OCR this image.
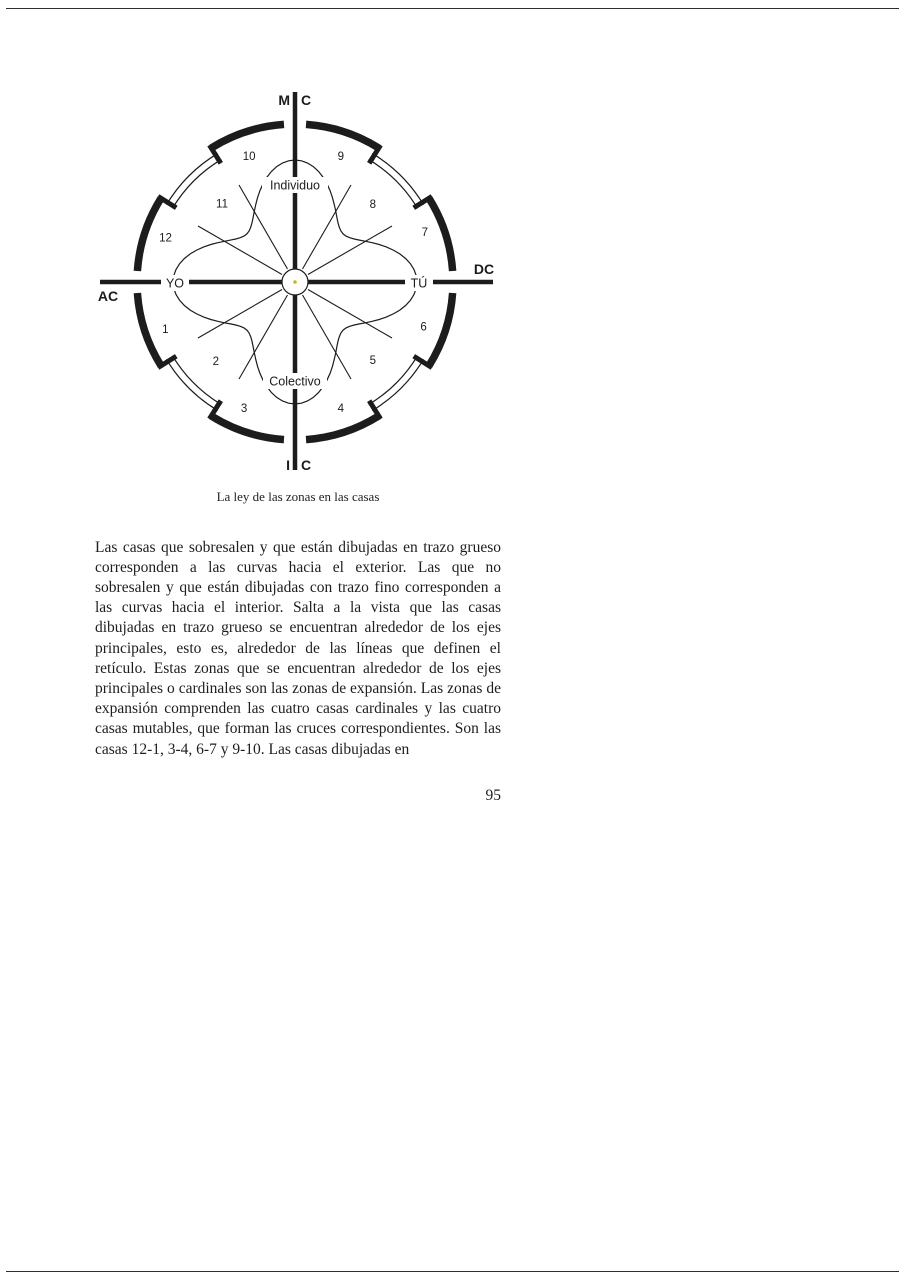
Individuo
Colectivo
YO	TÚ
1
2
3	4
5
6
7
8
9
10
11
12
M C
I C
AC
DC
La ley de las zonas en las casas

Las casas que sobresalen y que están dibujadas en trazo grueso corresponden a las curvas hacia el exterior. Las que no sobresalen y que están dibujadas con trazo fino corresponden a las curvas hacia el interior. Salta a la vista que las casas dibujadas en trazo grueso se encuentran alrededor de los ejes principales, esto es, alrededor de las líneas que definen el retículo. Estas zonas que se encuentran alrededor de los ejes principales o cardinales son las zonas de expansión. Las zonas de expansión comprenden las cuatro casas cardinales y las cuatro casas mutables, que forman las cruces correspondientes. Son las casas 12-1, 3-4, 6-7 y 9-10. Las casas dibujadas en

95
